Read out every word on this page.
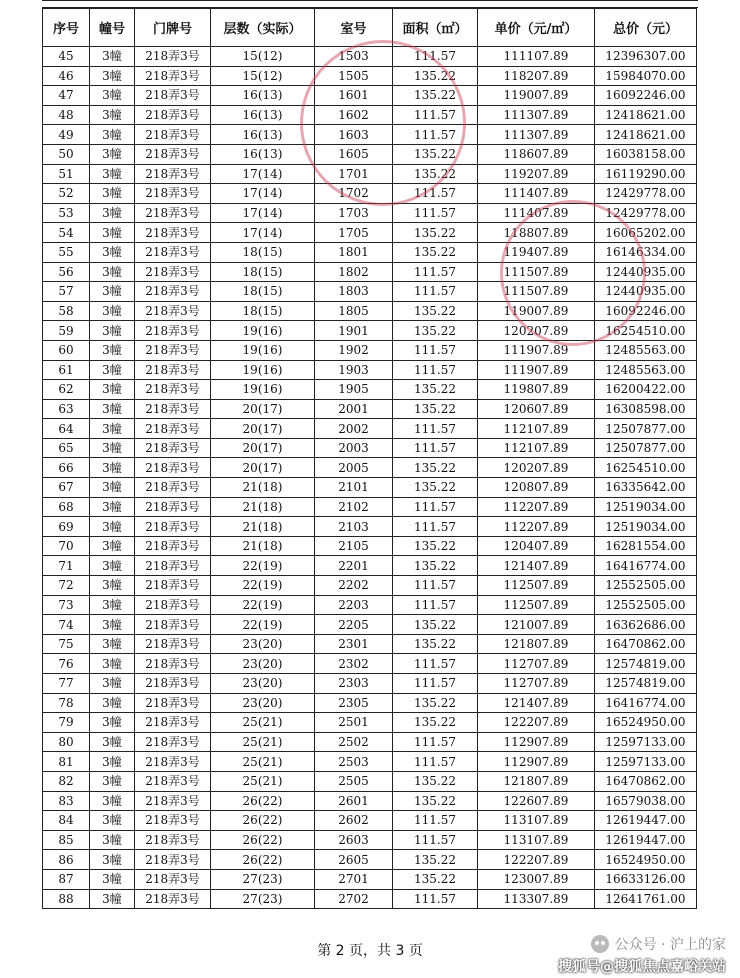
序号	幢号	门牌号	层数（实际）	室号	面积（㎡）	单价（元/㎡）	总价（元）
45	3幢	218弄3号	15(12)	1503	111.57	111107.89	12396307.00
46	3幢	218弄3号	15(12)	1505	135.22	118207.89	15984070.00
47	3幢	218弄3号	16(13)	1601	135.22	119007.89	16092246.00
48	3幢	218弄3号	16(13)	1602	111.57	111307.89	12418621.00
49	3幢	218弄3号	16(13)	1603	111.57	111307.89	12418621.00
50	3幢	218弄3号	16(13)	1605	135.22	118607.89	16038158.00
51	3幢	218弄3号	17(14)	1701	135.22	119207.89	16119290.00
52	3幢	218弄3号	17(14)	1702	111.57	111407.89	12429778.00
53	3幢	218弄3号	17(14)	1703	111.57	111407.89	12429778.00
54	3幢	218弄3号	17(14)	1705	135.22	118807.89	16065202.00
55	3幢	218弄3号	18(15)	1801	135.22	119407.89	16146334.00
56	3幢	218弄3号	18(15)	1802	111.57	111507.89	12440935.00
57	3幢	218弄3号	18(15)	1803	111.57	111507.89	12440935.00
58	3幢	218弄3号	18(15)	1805	135.22	119007.89	16092246.00
59	3幢	218弄3号	19(16)	1901	135.22	120207.89	16254510.00
60	3幢	218弄3号	19(16)	1902	111.57	111907.89	12485563.00
61	3幢	218弄3号	19(16)	1903	111.57	111907.89	12485563.00
62	3幢	218弄3号	19(16)	1905	135.22	119807.89	16200422.00
63	3幢	218弄3号	20(17)	2001	135.22	120607.89	16308598.00
64	3幢	218弄3号	20(17)	2002	111.57	112107.89	12507877.00
65	3幢	218弄3号	20(17)	2003	111.57	112107.89	12507877.00
66	3幢	218弄3号	20(17)	2005	135.22	120207.89	16254510.00
67	3幢	218弄3号	21(18)	2101	135.22	120807.89	16335642.00
68	3幢	218弄3号	21(18)	2102	111.57	112207.89	12519034.00
69	3幢	218弄3号	21(18)	2103	111.57	112207.89	12519034.00
70	3幢	218弄3号	21(18)	2105	135.22	120407.89	16281554.00
71	3幢	218弄3号	22(19)	2201	135.22	121407.89	16416774.00
72	3幢	218弄3号	22(19)	2202	111.57	112507.89	12552505.00
73	3幢	218弄3号	22(19)	2203	111.57	112507.89	12552505.00
74	3幢	218弄3号	22(19)	2205	135.22	121007.89	16362686.00
75	3幢	218弄3号	23(20)	2301	135.22	121807.89	16470862.00
76	3幢	218弄3号	23(20)	2302	111.57	112707.89	12574819.00
77	3幢	218弄3号	23(20)	2303	111.57	112707.89	12574819.00
78	3幢	218弄3号	23(20)	2305	135.22	121407.89	16416774.00
79	3幢	218弄3号	25(21)	2501	135.22	122207.89	16524950.00
80	3幢	218弄3号	25(21)	2502	111.57	112907.89	12597133.00
81	3幢	218弄3号	25(21)	2503	111.57	112907.89	12597133.00
82	3幢	218弄3号	25(21)	2505	135.22	121807.89	16470862.00
83	3幢	218弄3号	26(22)	2601	135.22	122607.89	16579038.00
84	3幢	218弄3号	26(22)	2602	111.57	113107.89	12619447.00
85	3幢	218弄3号	26(22)	2603	111.57	113107.89	12619447.00
86	3幢	218弄3号	26(22)	2605	135.22	122207.89	16524950.00
87	3幢	218弄3号	27(23)	2701	135.22	123007.89	16633126.00
88	3幢	218弄3号	27(23)	2702	111.57	113307.89	12641761.00
第 2 页，共 3 页	公众号 · 沪上的家
搜狐号@搜狐焦点嘉峪关站
